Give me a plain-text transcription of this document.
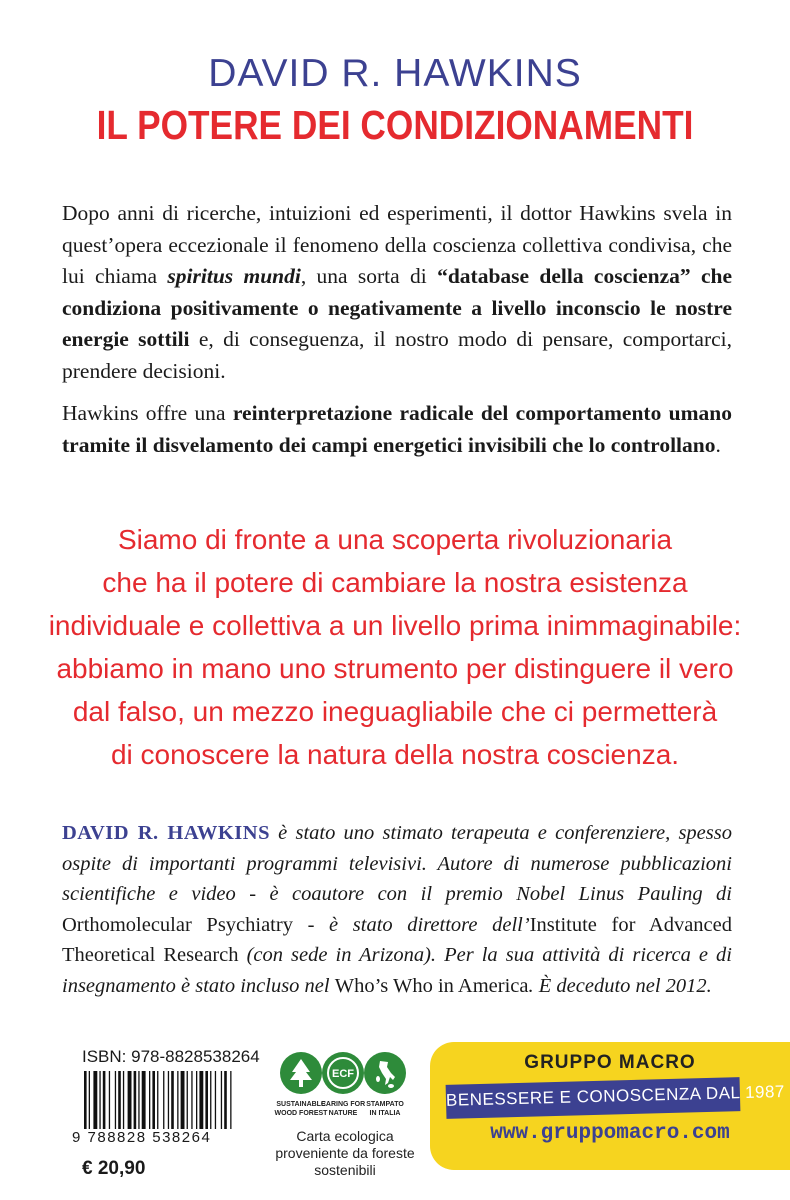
DAVID R. HAWKINS
IL POTERE DEI CONDIZIONAMENTI
Dopo anni di ricerche, intuizioni ed esperimenti, il dottor Hawkins svela in quest’opera eccezionale il fenomeno della coscienza collettiva condivisa, che lui chiama spiritus mundi, una sorta di “database della coscienza” che condiziona positivamente o negativamente a livello inconscio le nostre energie sottili e, di conseguenza, il nostro modo di pensare, comportarci, prendere decisioni.
Hawkins offre una reinterpretazione radicale del comportamento umano tramite il disvelamento dei campi energetici invisibili che lo controllano.
Siamo di fronte a una scoperta rivoluzionaria
che ha il potere di cambiare la nostra esistenza
individuale e collettiva a un livello prima inimmaginabile:
abbiamo in mano uno strumento per distinguere il vero
dal falso, un mezzo ineguagliabile che ci permetterà
di conoscere la natura della nostra coscienza.
DAVID R. HAWKINS è stato uno stimato terapeuta e conferenziere, spesso ospite di importanti programmi televisivi. Autore di numerose pubblicazioni scientifiche e video - è coautore con il premio Nobel Linus Pauling di Orthomolecular Psychiatry - è stato direttore dell’Institute for Advanced Theoretical Research (con sede in Arizona). Per la sua attività di ricerca e di insegnamento è stato incluso nel Who’s Who in America. È deceduto nel 2012.
ISBN: 978-8828538264
9 788828 538264
€ 20,90
ECF
SUSTAINABLE
WOOD FOREST
CARING FOR
NATURE
STAMPATO
IN ITALIA
Carta ecologica proveniente da foreste sostenibili
GRUPPO MACRO
BENESSERE E CONOSCENZA DAL 1987
www.gruppomacro.com
